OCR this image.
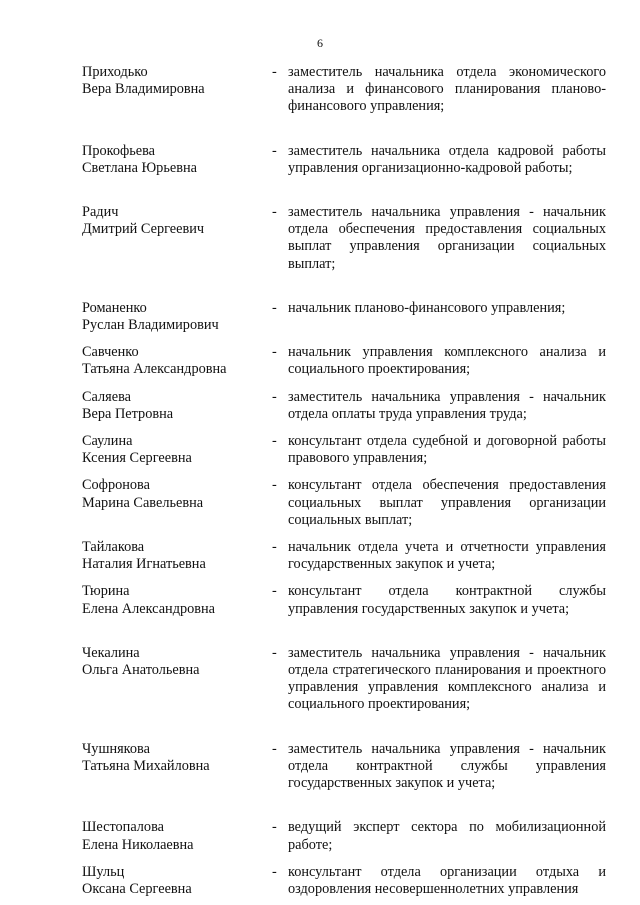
6
Приходько
Вера Владимировна
- заместитель начальника отдела экономического анализа и финансового планирования планово-финансового управления;
Прокофьева
Светлана Юрьевна
- заместитель начальника отдела кадровой работы управления организационно-кадровой работы;
Радич
Дмитрий Сергеевич
- заместитель начальника управления - начальник отдела обеспечения предоставления социальных выплат управления организации социальных выплат;
Романенко
Руслан Владимирович
- начальник планово-финансового управления;
Савченко
Татьяна Александровна
- начальник управления комплексного анализа и социального проектирования;
Саляева
Вера Петровна
- заместитель начальника управления - начальник отдела оплаты труда управления труда;
Саулина
Ксения Сергеевна
- консультант отдела судебной и договорной работы правового управления;
Софронова
Марина Савельевна
- консультант отдела обеспечения предоставления социальных выплат управления организации социальных выплат;
Тайлакова
Наталия Игнатьевна
- начальник отдела учета и отчетности управления государственных закупок и учета;
Тюрина
Елена Александровна
- консультант отдела контрактной службы управления государственных закупок и учета;
Чекалина
Ольга Анатольевна
- заместитель начальника управления - начальник отдела стратегического планирования и проектного управления управления комплексного анализа и социального проектирования;
Чушнякова
Татьяна Михайловна
- заместитель начальника управления - начальник отдела контрактной службы управления государственных закупок и учета;
Шестопалова
Елена Николаевна
- ведущий эксперт сектора по мобилизационной работе;
Шульц
Оксана Сергеевна
- консультант отдела организации отдыха и оздоровления несовершеннолетних управления
